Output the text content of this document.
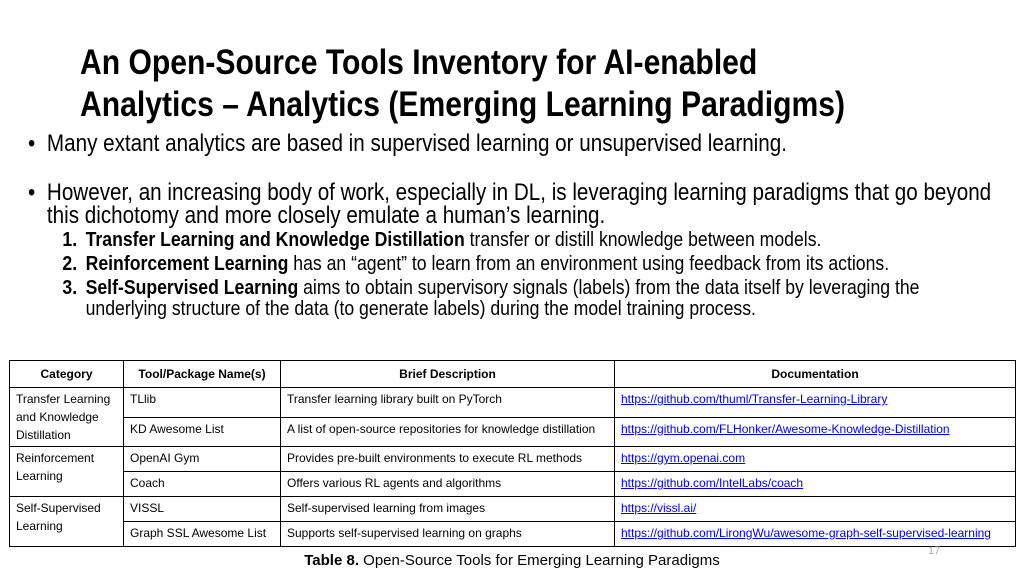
An Open-Source Tools Inventory for AI-enabled
Analytics – Analytics (Emerging Learning Paradigms)

• Many extant analytics are based in supervised learning or unsupervised learning.

• However, an increasing body of work, especially in DL, is leveraging learning paradigms that go beyond this dichotomy and more closely emulate a human’s learning.

1. Transfer Learning and Knowledge Distillation transfer or distill knowledge between models.
2. Reinforcement Learning has an “agent” to learn from an environment using feedback from its actions.
3. Self-Supervised Learning aims to obtain supervisory signals (labels) from the data itself by leveraging the underlying structure of the data (to generate labels) during the model training process.
Category	Tool/Package Name(s)	Brief Description	Documentation
Transfer Learning and Knowledge Distillation	TLlib	Transfer learning library built on PyTorch	https://github.com/thuml/Transfer-Learning-Library
	KD Awesome List	A list of open-source repositories for knowledge distillation	https://github.com/FLHonker/Awesome-Knowledge-Distillation
Reinforcement Learning	OpenAI Gym	Provides pre-built environments to execute RL methods	https://gym.openai.com
	Coach	Offers various RL agents and algorithms	https://github.com/IntelLabs/coach
Self-Supervised Learning	VISSL	Self-supervised learning from images	https://vissl.ai/
	Graph SSL Awesome List	Supports self-supervised learning on graphs	https://github.com/LirongWu/awesome-graph-self-supervised-learning

Table 8. Open-Source Tools for Emerging Learning Paradigms

17
